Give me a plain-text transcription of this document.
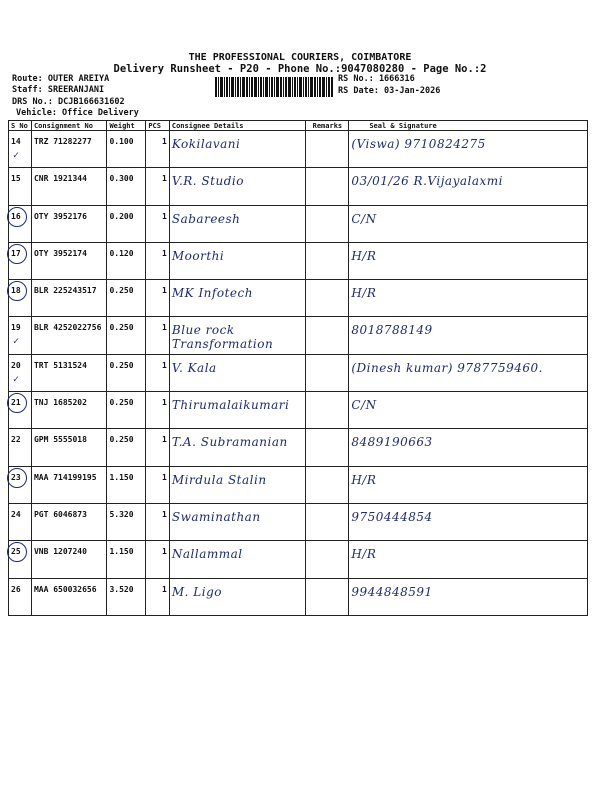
THE PROFESSIONAL COURIERS, COIMBATORE
Delivery Runsheet - P20 - Phone No.:9047080280 - Page No.:2
Route: OUTER AREIYA
Staff: SREERANJANI
DRS No.: DCJB166631602
Vehicle: Office Delivery
RS No.: 1666316
RS Date: 03-Jan-2026
S No	Consignment No	Weight	PCS	Consignee Details	Remarks	Seal & Signature

✓
14	TRZ 71282277	0.100	1	Kokilavani		(Viswa) 9710824275

15	CNR 1921344	0.300	1	V.R. Studio		03/01/26 R.Vijayalaxmi

16	OTY 3952176	0.200	1	Sabareesh		C/N

17	OTY 3952174	0.120	1	Moorthi		H/R

18	BLR 225243517	0.250	1	MK Infotech		H/R

✓
19	BLR 4252022756	0.250	1	Blue rock Transformation		8018788149

✓
20	TRT 5131524	0.250	1	V. Kala		(Dinesh kumar) 9787759460.

21	TNJ 1685202	0.250	1	Thirumalaikumari		C/N

22	GPM 5555018	0.250	1	T.A. Subramanian		8489190663

23	MAA 714199195	1.150	1	Mirdula Stalin		H/R

24	PGT 6046873	5.320	1	Swaminathan		9750444854

25	VNB 1207240	1.150	1	Nallammal		H/R

26	MAA 650032656	3.520	1	M. Ligo		9944848591
